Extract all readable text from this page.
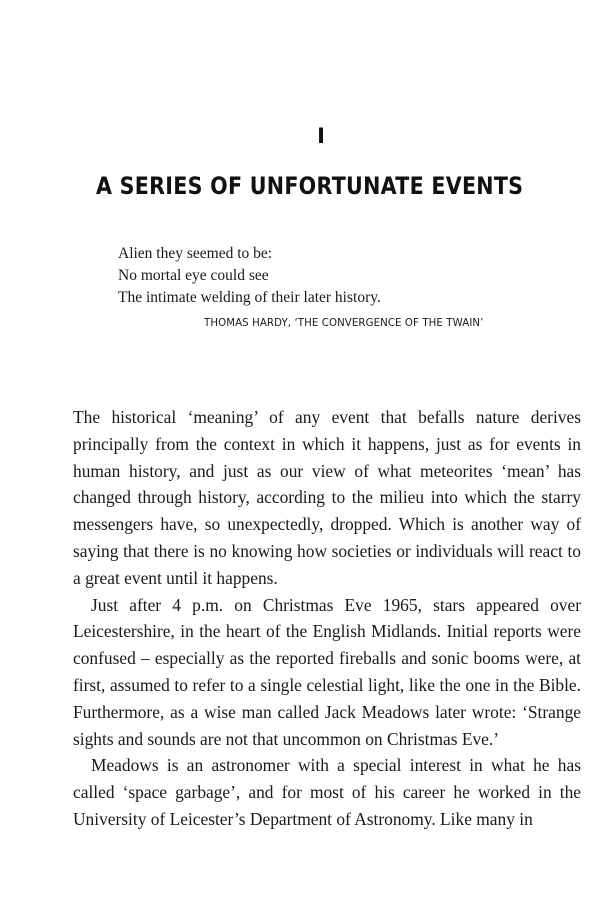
I
A SERIES OF UNFORTUNATE EVENTS
Alien they seemed to be:
No mortal eye could see
The intimate welding of their later history.
THOMAS HARDY, ‘THE CONVERGENCE OF THE TWAIN’

The historical ‘meaning’ of any event that befalls nature derives principally from the context in which it happens, just as for events in human history, and just as our view of what meteorites ‘mean’ has changed through history, according to the milieu into which the starry messengers have, so unexpectedly, dropped. Which is another way of saying that there is no knowing how societies or individuals will react to a great event until it happens.

Just after 4 p.m. on Christmas Eve 1965, stars appeared over Leicestershire, in the heart of the English Midlands. Initial reports were confused – especially as the reported fireballs and sonic booms were, at first, assumed to refer to a single celestial light, like the one in the Bible. Furthermore, as a wise man called Jack Meadows later wrote: ‘Strange sights and sounds are not that uncommon on Christmas Eve.’

Meadows is an astronomer with a special interest in what he has called ‘space garbage’, and for most of his career he worked in the University of Leicester’s Department of Astronomy. Like many in
